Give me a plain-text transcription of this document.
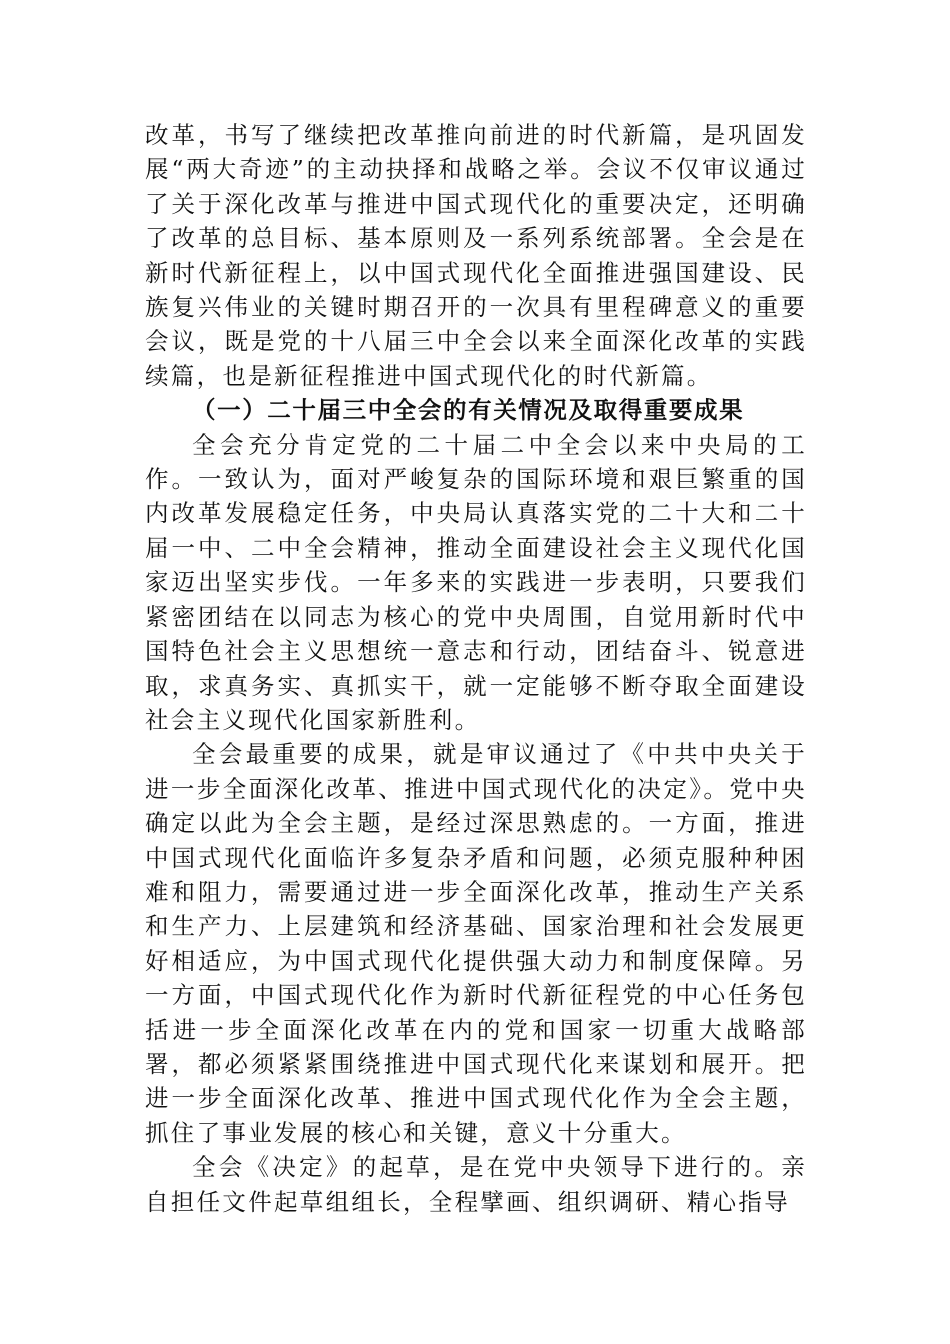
改革，书写了继续把改革推向前进的时代新篇，是巩固发展“两大奇迹”的主动抉择和战略之举。会议不仅审议通过了关于深化改革与推进中国式现代化的重要决定，还明确了改革的总目标、基本原则及一系列系统部署。全会是在新时代新征程上，以中国式现代化全面推进强国建设、民族复兴伟业的关键时期召开的一次具有里程碑意义的重要会议，既是党的十八届三中全会以来全面深化改革的实践续篇，也是新征程推进中国式现代化的时代新篇。

（一）二十届三中全会的有关情况及取得重要成果

全会充分肯定党的二十届二中全会以来中央局的工作。一致认为，面对严峻复杂的国际环境和艰巨繁重的国内改革发展稳定任务，中央局认真落实党的二十大和二十届一中、二中全会精神，推动全面建设社会主义现代化国家迈出坚实步伐。一年多来的实践进一步表明，只要我们紧密团结在以同志为核心的党中央周围，自觉用新时代中国特色社会主义思想统一意志和行动，团结奋斗、锐意进取，求真务实、真抓实干，就一定能够不断夺取全面建设社会主义现代化国家新胜利。

全会最重要的成果，就是审议通过了《中共中央关于进一步全面深化改革、推进中国式现代化的决定》。党中央确定以此为全会主题，是经过深思熟虑的。一方面，推进中国式现代化面临许多复杂矛盾和问题，必须克服种种困难和阻力，需要通过进一步全面深化改革，推动生产关系和生产力、上层建筑和经济基础、国家治理和社会发展更好相适应，为中国式现代化提供强大动力和制度保障。另一方面，中国式现代化作为新时代新征程党的中心任务包括进一步全面深化改革在内的党和国家一切重大战略部署，都必须紧紧围绕推进中国式现代化来谋划和展开。把进一步全面深化改革、推进中国式现代化作为全会主题，抓住了事业发展的核心和关键，意义十分重大。

全会《决定》的起草，是在党中央领导下进行的。亲自担任文件起草组组长，全程擘画、组织调研、精心指导
